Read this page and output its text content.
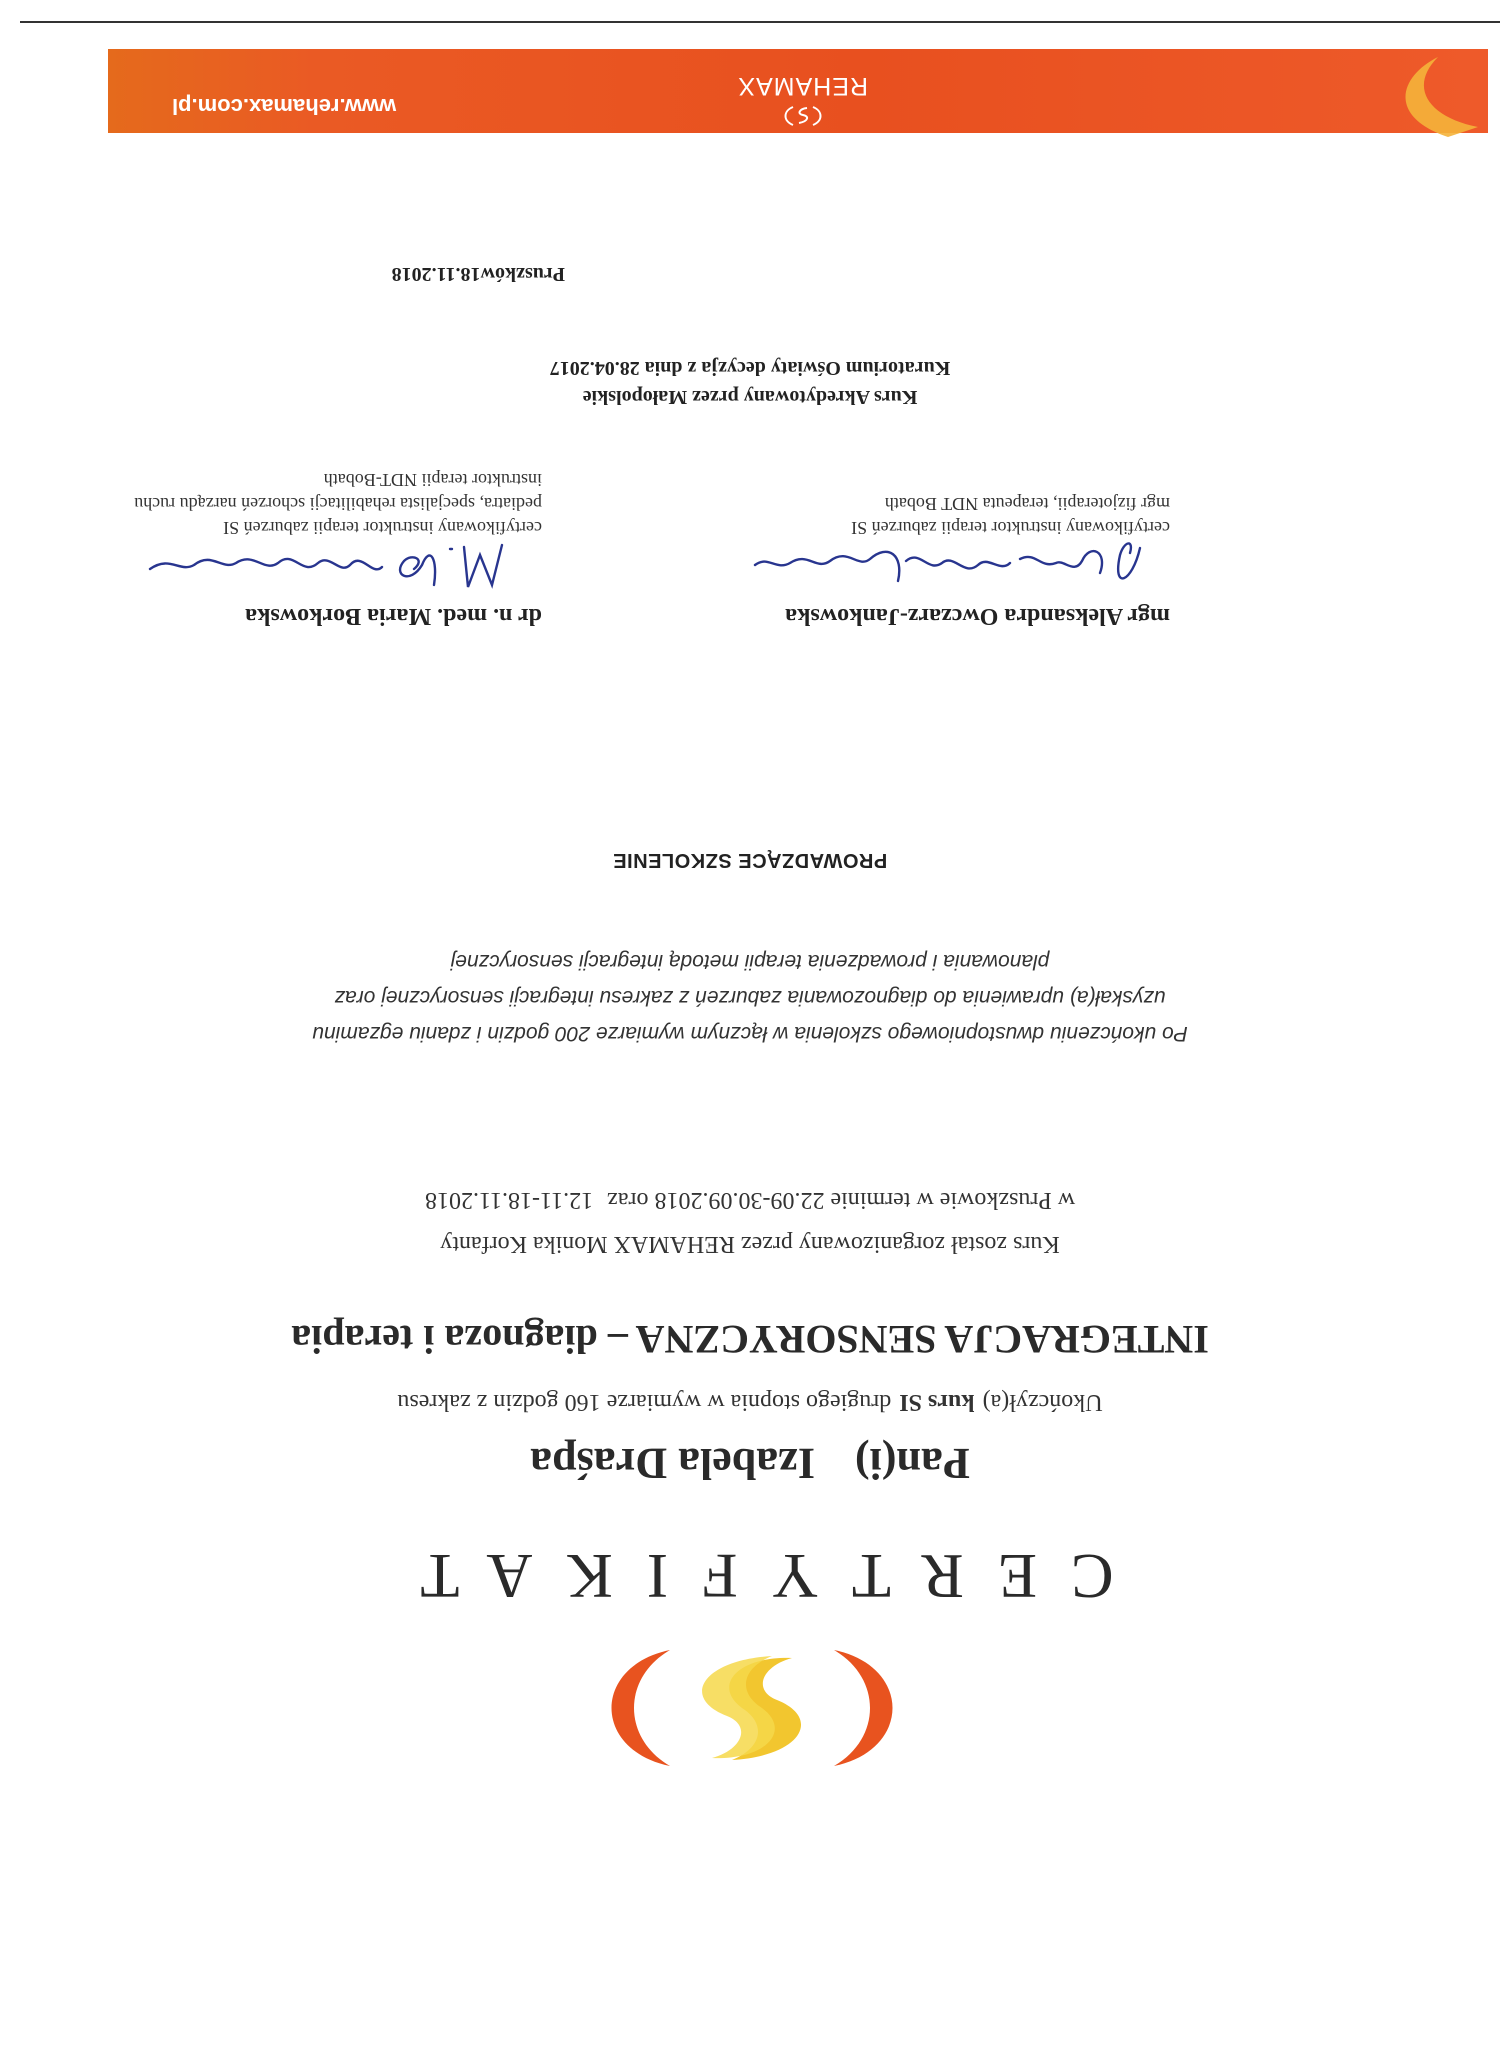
CERTYFIKAT
Pan(i)Izabela Draśpa
Ukończył(a)kurs SIdrugiego stopnia w wymiarze 160 godzin z zakresu
INTEGRACJA SENSORYCZNA – diagnoza i terapia
Kurs został zorganizowany przez REHAMAX Monika Korfanty
w Pruszkowie w terminie 22.09-30.09.2018 oraz12.11-18.11.2018
Po ukończeniu dwustopniowego szkolenia w łącznym wymiarze 200 godzin i zdaniu egzaminu
uzyskał(a) uprawienia do diagnozowania zaburzeń z zakresu integracji sensorycznej oraz
planowania i prowadzenia terapii metodą integracji sensorycznej
PROWADZĄCE SZKOLENIE
mgr Aleksandra Owczarz-Jankowska
certyfikowany instruktor terapii zaburzeń SI
mgr fizjoterapii, terapeuta NDT Bobath
dr n. med. Maria Borkowska
certyfikowany instruktor terapii zaburzeń SI
pediatra, specjalista rehabilitacji schorzeń narządu ruchu
instruktor terapii NDT-Bobath
Kurs Akredytowany przez Małopolskie
Kuratorium Oświaty decyzja z dnia 28.04.2017
Pruszków18.11.2018
REHAMAX
www.rehamax.com.pl
